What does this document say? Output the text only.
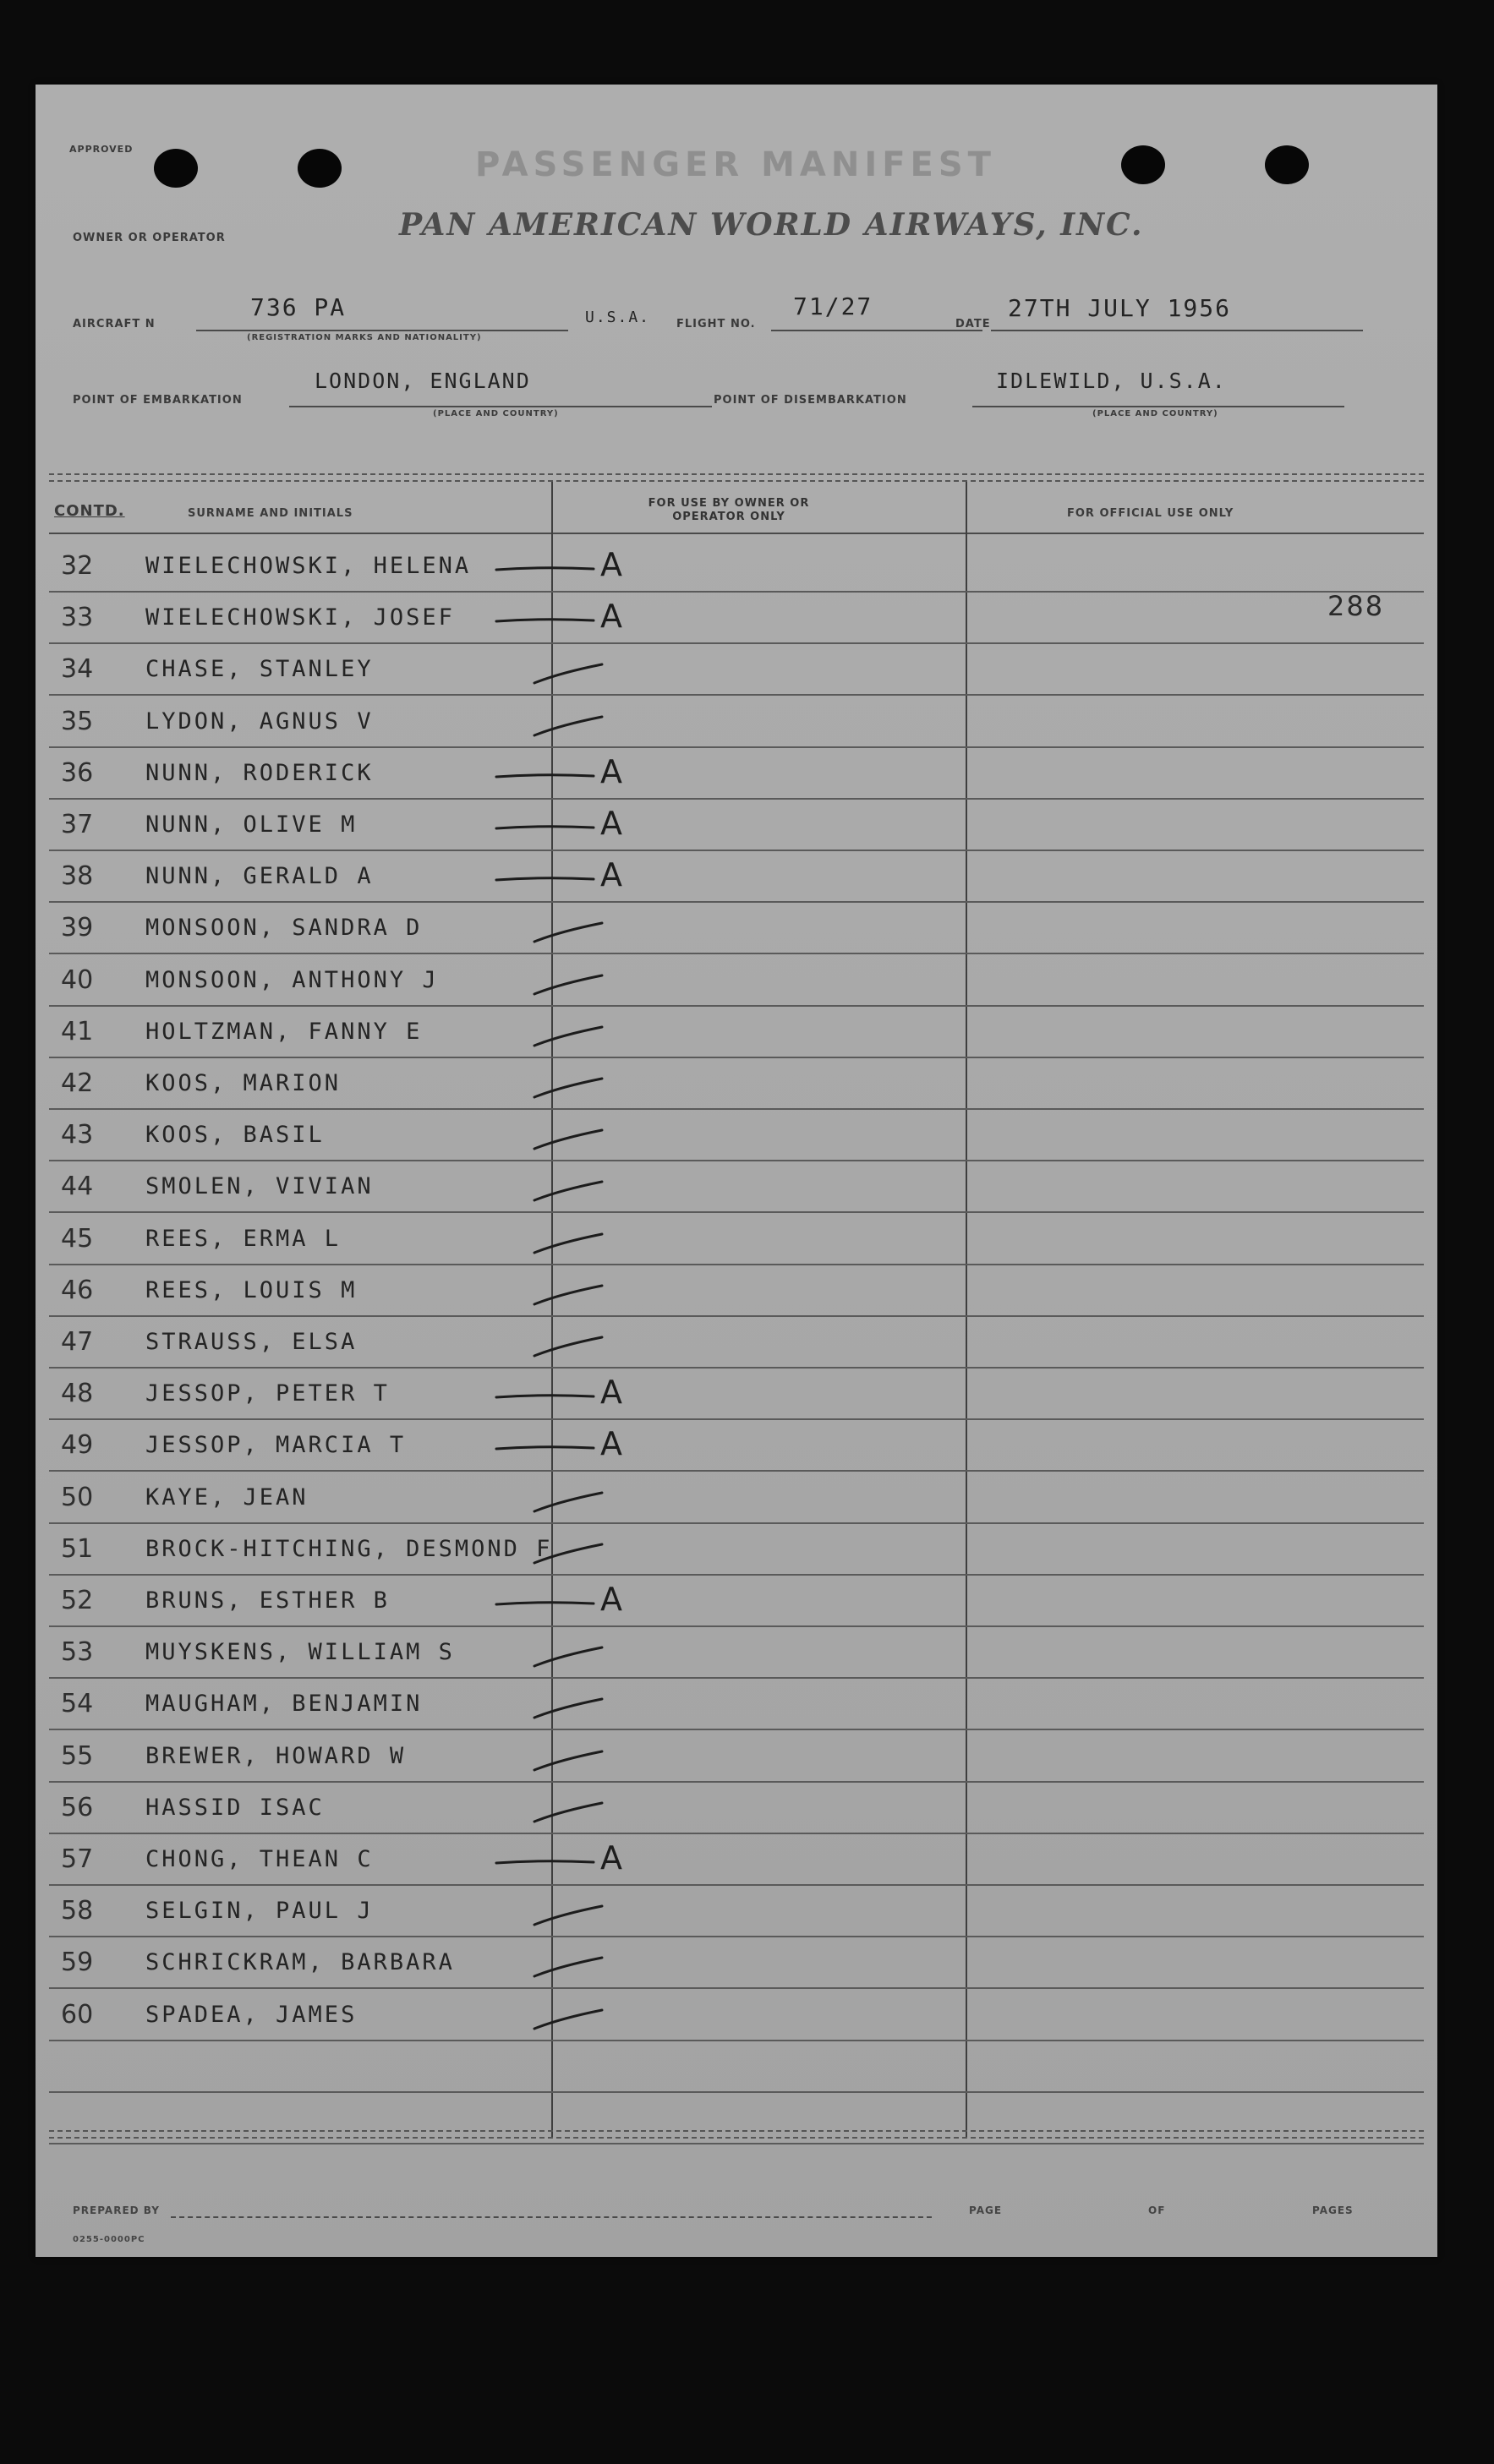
APPROVED	PASSENGER MANIFEST
OWNER OR OPERATOR	PAN AMERICAN WORLD AIRWAYS, INC.
AIRCRAFT N
736 PA
(REGISTRATION MARKS AND NATIONALITY)
U.S.A. FLIGHT NO.
71/27
DATE
27TH JULY 1956
POINT OF EMBARKATION
LONDON, ENGLAND
(PLACE AND COUNTRY)
POINT OF DISEMBARKATION
IDLEWILD, U.S.A.
(PLACE AND COUNTRY)
CONTD.	SURNAME AND INITIALS
FOR USE BY OWNER OR OPERATOR ONLY	FOR OFFICIAL USE ONLY
288
32 WIELECHOWSKI, HELENA	A
33 WIELECHOWSKI, JOSEF	A
34 CHASE, STANLEY
35 LYDON, AGNUS V
36 NUNN, RODERICK	A
37 NUNN, OLIVE M	A
38 NUNN, GERALD A	A
39 MONSOON, SANDRA D
40 MONSOON, ANTHONY J
41 HOLTZMAN, FANNY E
42 KOOS, MARION
43 KOOS, BASIL
44 SMOLEN, VIVIAN
45 REES, ERMA L
46 REES, LOUIS M
47 STRAUSS, ELSA
48 JESSOP, PETER T	A
49 JESSOP, MARCIA T	A
50 KAYE, JEAN
51 BROCK-HITCHING, DESMOND F
52 BRUNS, ESTHER B	A
53 MUYSKENS, WILLIAM S
54 MAUGHAM, BENJAMIN
55 BREWER, HOWARD W
56 HASSID ISAC
57 CHONG, THEAN C	A
58 SELGIN, PAUL J
59 SCHRICKRAM, BARBARA
60 SPADEA, JAMES
PREPARED BY	PAGE	OF	PAGES
0255-0000PC
